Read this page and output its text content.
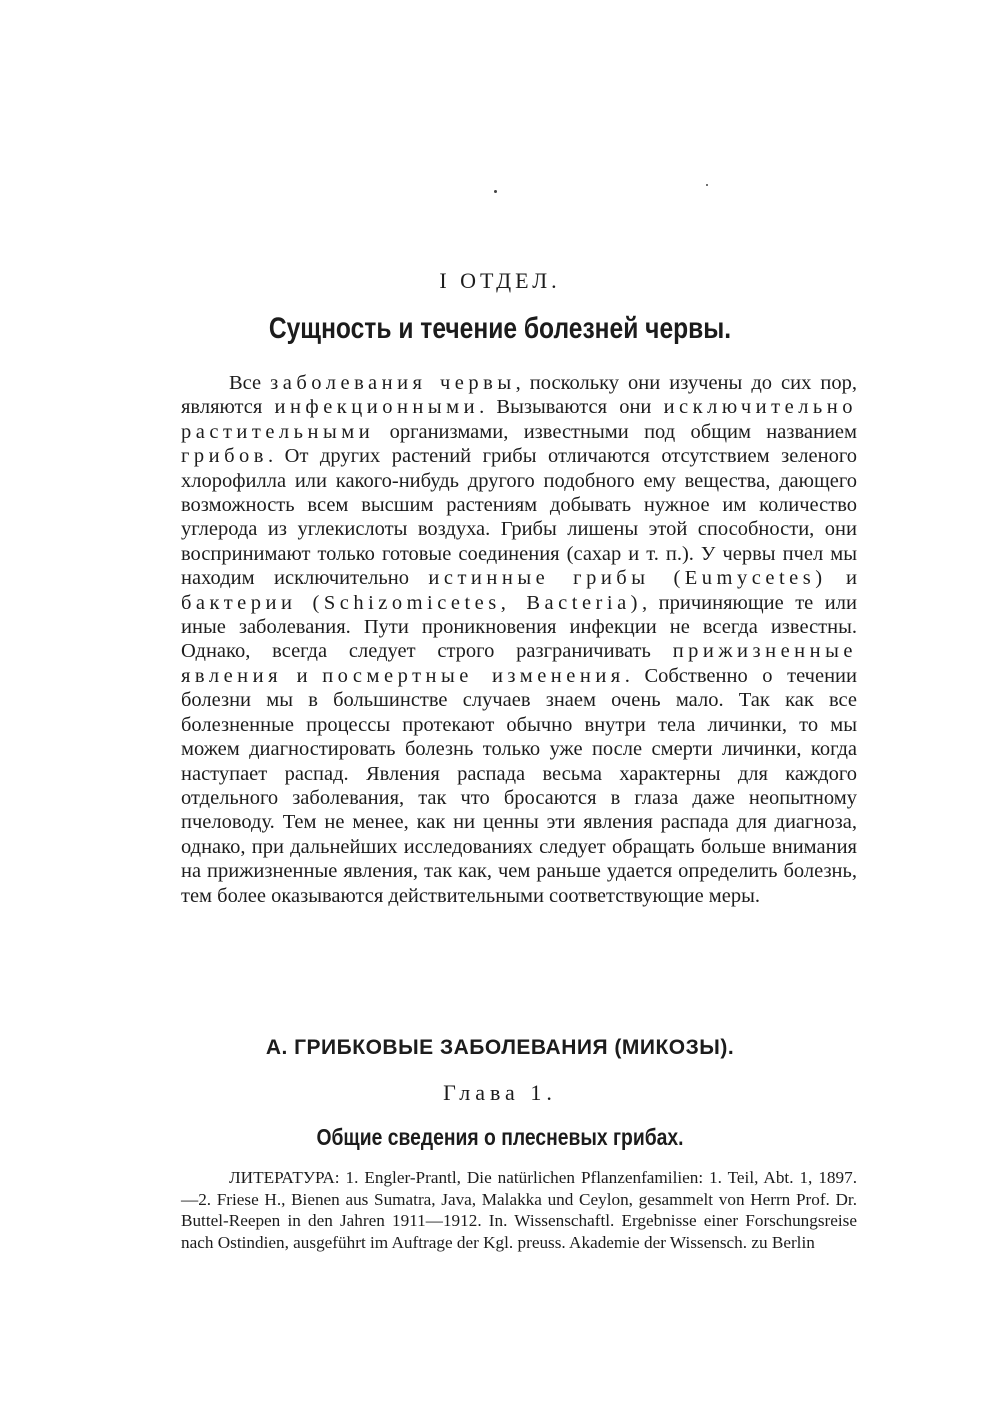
I ОТДЕЛ.
Сущность и течение болезней червы.

Все заболевания червы, поскольку они изучены до сих пор, являются инфекционными. Вызываются они исключительно растительными организмами, известными под общим названием грибов. От других растений грибы отличаются отсутствием зеленого хлорофилла или какого-нибудь другого подобного ему вещества, дающего возможность всем высшим растениям добывать нужное им количество углерода из углекислоты воздуха. Грибы лишены этой способности, они воспринимают только готовые соединения (сахар и т. п.). У червы пчел мы находим исключительно истинные грибы (Eumycetes) и бактерии (Schizomicetes, Bacteria), причиняющие те или иные заболевания. Пути проникновения инфекции не всегда известны. Однако, всегда следует строго разграничивать прижизненные явления и посмертные изменения. Собственно о течении болезни мы в большинстве случаев знаем очень мало. Так как все болезненные процессы протекают обычно внутри тела личинки, то мы можем диагностировать болезнь только уже после смерти личинки, когда наступает распад. Явления распада весьма характерны для каждого отдельного заболевания, так что бросаются в глаза даже неопытному пчеловоду. Тем не менее, как ни ценны эти явления распада для диагноза, однако, при дальнейших исследованиях следует обращать больше внимания на прижизненные явления, так как, чем раньше удается определить болезнь, тем более оказываются действительными соответствующие меры.

А. ГРИБКОВЫЕ ЗАБОЛЕВАНИЯ (МИКОЗЫ).
Глава 1.
Общие сведения о плесневых грибах.

ЛИТЕРАТУРА: 1. Engler-Prantl, Die natürlichen Pflanzenfamilien: 1. Teil, Abt. 1, 1897.—2. Friese H., Bienen aus Sumatra, Java, Malakka und Ceylon, gesammelt von Herrn Prof. Dr. Buttel-Reepen in den Jahren 1911—1912. In. Wissenschaftl. Ergebnisse einer Forschungsreise nach Ostindien, ausgeführt im Auftrage der Kgl. preuss. Akademie der Wissensch. zu Berlin
